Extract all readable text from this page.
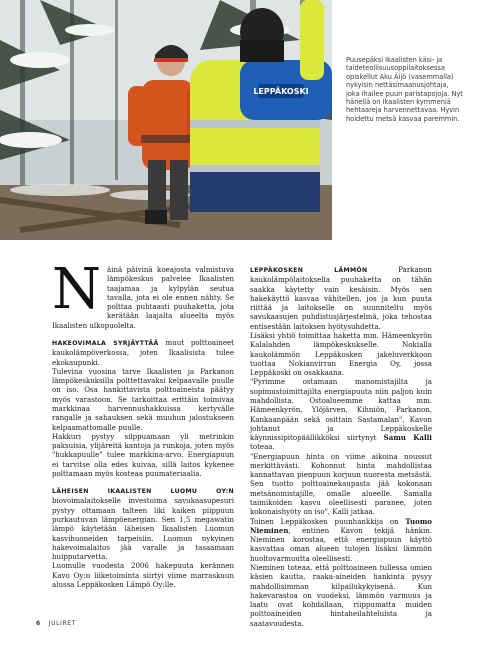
LEPPÄKOSKI
Puusepäksi Ikaalisten käsi- ja taideteollisuusoppilaitoksessa opiskellut Aku Äijö (vasemmalla) nykyisin nettäsimaanusjohtaja, joka ihailee puun paristapojoja. Nyt hänellä on Ikaalisten kymmeniä hehtaareja harvennettavaa. Hyvin hoidettu metsä kasvaa paremmin.

Näinä päivinä koeajosta valmistuva lämpökeskus palvelee Ikaalisten taajamaa ja kylpylän seutua tavalla, jota ei ole ennen nähty. Se polttaa puhtaasti puuhaketta, jota kerätään laajalta alueelta myös Ikaalisten ulkopuolelta.

HAKEOVIMALA SYRJÄYTTÄÄ muut polttoaineet kaukolämpöverkossa, joten Ikaalisista tulee ekokaupunki.

Tulevina vuosina tarve Ikaalisten ja Parkanon lämpökeskuksilla polttettavaksi kelpaavalle puulle on iso. Osa hankittavista polttoaineista päätyy myös varastoon. Se tarkoittaa erittäin toimivaa markkinaa harvennushakkuissa kertyvälle rangalle ja sahauksen sekä muuhun jalostukseen kelpaamattomalle puulle.

Hakkuri pystyy silppuamaan yli metrinkin paksuisia, ylijäreitä kantoja ja runkoja, joten myös "hukkapuulle" tulee markkina-arvo. Energiapuun ei tarvitse olla edes kuivaa, sillä laitos kykenee polttamaan myös kosteaa puumateriaalia.

LÄHEISEN IKAALISTEN LUOMU OY:N biovoimalaitokselle investoima savukaasupesuri pystyy ottamaan talteen liki kaiken piippuun purkautuvan lämpöenergian. Sen 1,5 megawatin lämpö käytetään läheisen Ikaalisten Luomun kasvihuoneiden tarpeisiin. Luomun nykyinen hakevoimalaitos jää varalle ja tasaamaan huipputarvetta.

Luomulle vuodesta 2006 hakepuuta kerännen Kavo Oy:n liiketoiminta siirtyi viime marraskuun alussa Leppäkosken Lämpö Oy:lle.

LEPPÄKOSKEN LÄMMÖN	Parkanon kaukolämpölaitoksella puuhaketta on tähän saakka käytetty vain kesäisin. Myös sen hakekäyttö kasvaa vähitellen, jos ja kun puuta riittää ja laitokselle on suunniteltu myös savukaasujen puhdistusjärjestelmä, joka tehostaa entisestään laitoksen hyötysuhdetta.

Lisäksi yhtiö toimittaa haketta mm. Hämeenkyrön Kalalahden lämpökeskukselle. Nokialla kaukolämmön Leppäkosken jakeluverkkoon tuottaa Nokianvirran Energia Oy, jossa Leppäkoski on osakkaana.

"Pyrimme ostamaan manomistajilta ja sopimustoimittajilta energiapuuta niin paljon kuin mahdollista. Ostoalueemme kattaa mm. Hämeenkyrön, Ylöjärven, Kihniön, Parkanon, Kankaanpään sekä osittain Sastamalan", Kavon johtanut ja Leppäkoskelle käynnissipitopäällikköksi siirtynyt Samu Kalli toteaa.

"Energiapuun hinta on viime aikoina noussut merkittävästi. Kohonnut hinta mahdollistaa kannattavan pienpuun korjuun nuoresta metsästä. Sen tuotto polttoainekaupasta jää kokonaan metsänomistajille, omalle alueelle. Samalla taimikoiden kasvu oleellisesti paranee, joten kokonaishyöty on iso", Kalli jatkaa.

Toinen Leppäkosken puunhankkija on Tuomo Nieminen, entinen Kavon tekijä hänkin. Nieminen korostaa, että energiapuun käyttö kasvattaa oman alueen tulojen lisäksi lämmön huoltovarmuutta oleellisesti.

Nieminen toteaa, että polttoaineen tullessa omien käsien kautta, raaka-aineiden hankinta pysyy mahdollisimman kilpailukykyisenä. Kun hakevarastoa on vuodeksi, lämmön varmuus ja laatu ovat kohdallaan, riippumatta muiden polttoaineiden hintaheilahteluista ja saatavuudesta.

6 JULIRET
